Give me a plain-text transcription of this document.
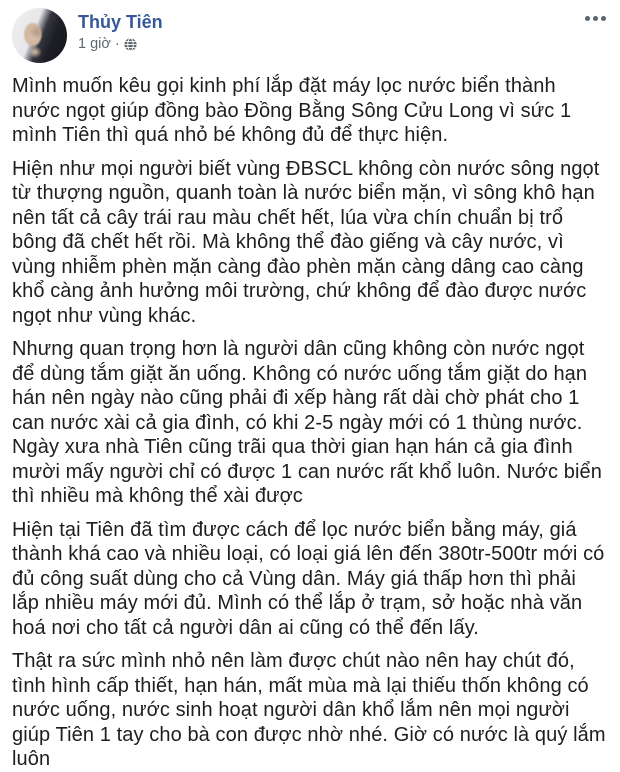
Thủy Tiên
1 giờ ·

Mình muốn kêu gọi kinh phí lắp đặt máy lọc nước biển thành nước ngọt giúp đồng bào Đồng Bằng Sông Cửu Long vì sức 1 mình Tiên thì quá nhỏ bé không đủ để thực hiện.

Hiện như mọi người biết vùng ĐBSCL không còn nước sông ngọt từ thượng nguồn, quanh toàn là nước biển mặn, vì sông khô hạn nên tất cả cây trái rau màu chết hết, lúa vừa chín chuẩn bị trổ bông đã chết hết rồi. Mà không thể đào giếng và cây nước, vì vùng nhiễm phèn mặn càng đào phèn mặn càng dâng cao càng khổ càng ảnh hưởng môi trường, chứ không để đào được nước ngọt như vùng khác.

Nhưng quan trọng hơn là người dân cũng không còn nước ngọt để dùng tắm giặt ăn uống. Không có nước uống tắm giặt do hạn hán nên ngày nào cũng phải đi xếp hàng rất dài chờ phát cho 1 can nước xài cả gia đình, có khi 2-5 ngày mới có 1 thùng nước. Ngày xưa nhà Tiên cũng trãi qua thời gian hạn hán cả gia đình mười mấy người chỉ có được 1 can nước rất khổ luôn. Nước biển thì nhiều mà không thể xài được

Hiện tại Tiên đã tìm được cách để lọc nước biển bằng máy, giá thành khá cao và nhiều loại, có loại giá lên đến 380tr-500tr mới có đủ công suất dùng cho cả Vùng dân. Máy giá thấp hơn thì phải lắp nhiều máy mới đủ. Mình có thể lắp ở trạm, sở hoặc nhà văn hoá nơi cho tất cả người dân ai cũng có thể đến lấy.

Thật ra sức mình nhỏ nên làm được chút nào nên hay chút đó, tình hình cấp thiết, hạn hán, mất mùa mà lại thiếu thốn không có nước uống, nước sinh hoạt người dân khổ lắm nên mọi người giúp Tiên 1 tay cho bà con được nhờ nhé. Giờ có nước là quý lắm luôn
